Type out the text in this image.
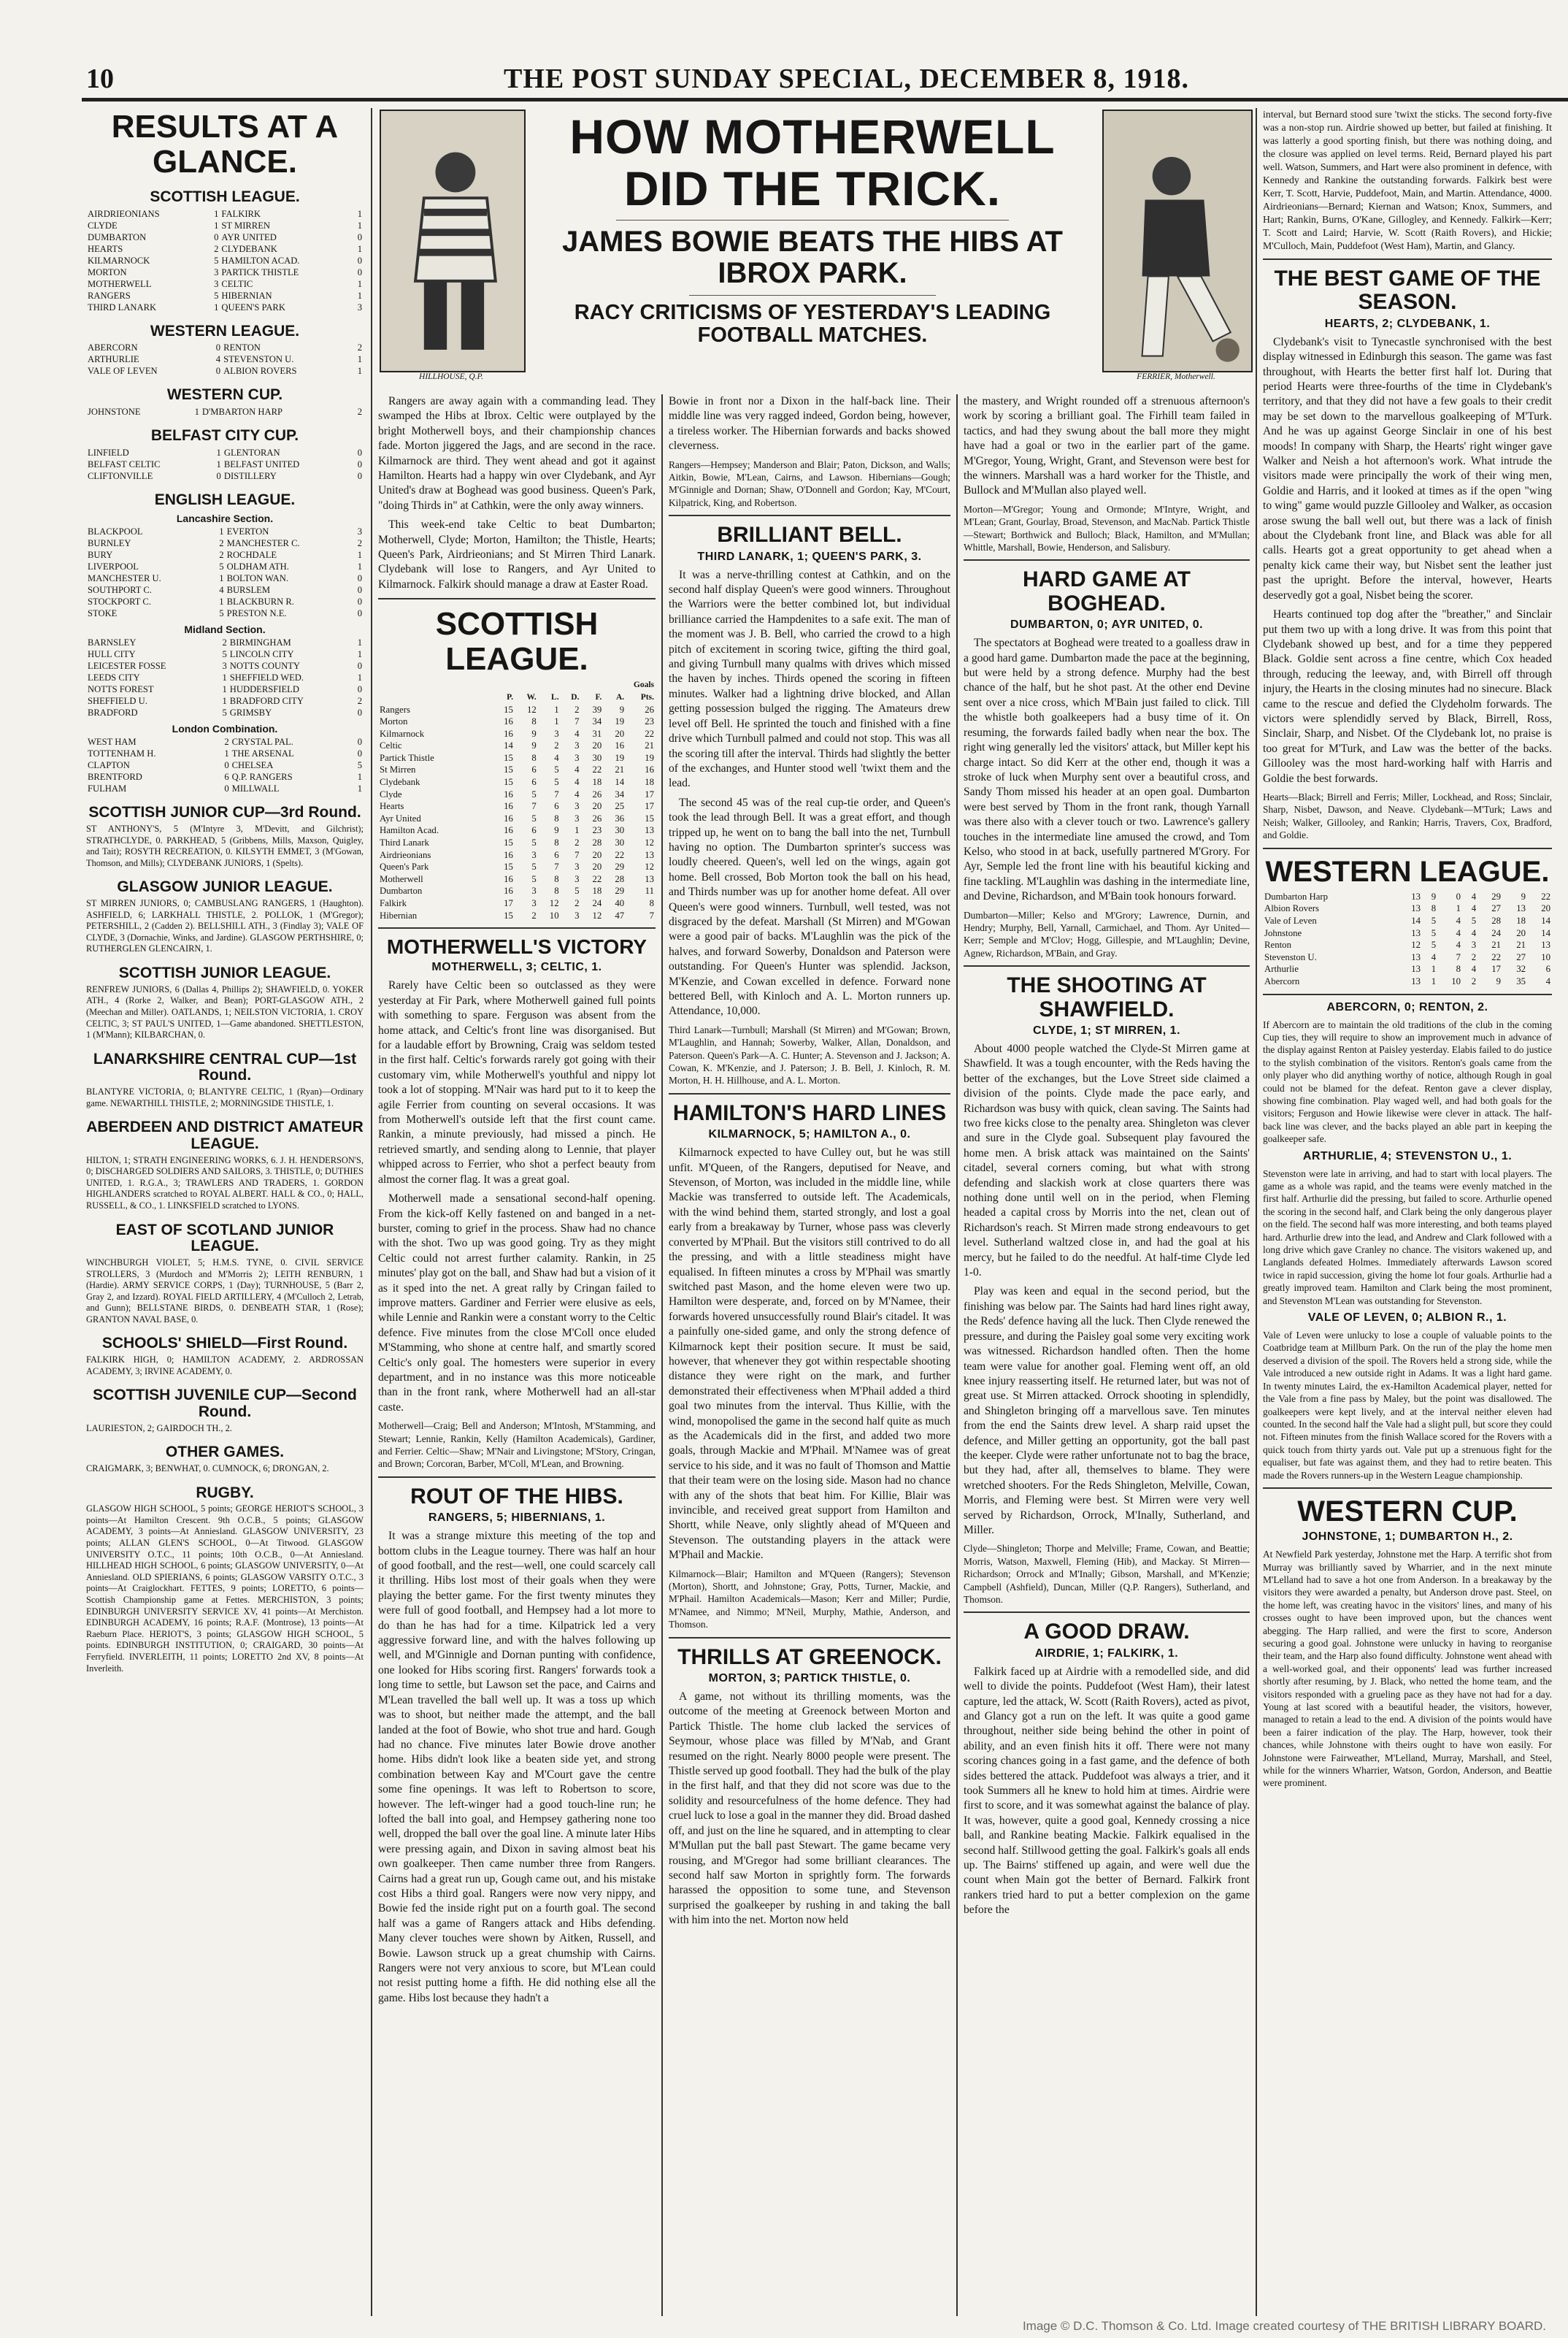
10	THE POST SUNDAY SPECIAL, DECEMBER 8, 1918.
RESULTS AT A GLANCE.
SCOTTISH LEAGUE.
AIRDRIEONIANS	1	FALKIRK	1
CLYDE	1	ST MIRREN	1
DUMBARTON	0	AYR UNITED	0
HEARTS	2	CLYDEBANK	1
KILMARNOCK	5	HAMILTON ACAD.	0
MORTON	3	PARTICK THISTLE	0
MOTHERWELL	3	CELTIC	1
RANGERS	5	HIBERNIAN	1
THIRD LANARK	1	QUEEN'S PARK	3
WESTERN LEAGUE.
ABERCORN	0	RENTON	2
ARTHURLIE	4	STEVENSTON U.	1
VALE OF LEVEN	0	ALBION ROVERS	1
WESTERN CUP.
JOHNSTONE	1	D'MBARTON HARP	2
BELFAST CITY CUP.
LINFIELD	1	GLENTORAN	0
BELFAST CELTIC	1	BELFAST UNITED	0
CLIFTONVILLE	0	DISTILLERY	0
ENGLISH LEAGUE.
Lancashire Section.
BLACKPOOL	1	EVERTON	3
BURNLEY	2	MANCHESTER C.	2
BURY	2	ROCHDALE	1
LIVERPOOL	5	OLDHAM ATH.	1
MANCHESTER U.	1	BOLTON WAN.	0
SOUTHPORT C.	4	BURSLEM	0
STOCKPORT C.	1	BLACKBURN R.	0
STOKE	5	PRESTON N.E.	0
Midland Section.
BARNSLEY	2	BIRMINGHAM	1
HULL CITY	5	LINCOLN CITY	1
LEICESTER FOSSE	3	NOTTS COUNTY	0
LEEDS CITY	1	SHEFFIELD WED.	1
NOTTS FOREST	1	HUDDERSFIELD	0
SHEFFIELD U.	1	BRADFORD CITY	2
BRADFORD	5	GRIMSBY	0
London Combination.
WEST HAM	2	CRYSTAL PAL.	0
TOTTENHAM H.	1	THE ARSENAL	0
CLAPTON	0	CHELSEA	5
BRENTFORD	6	Q.P. RANGERS	1
FULHAM	0	MILLWALL	1
SCOTTISH JUNIOR CUP—3rd Round.

ST ANTHONY'S, 5 (M'Intyre 3, M'Devitt, and Gilchrist); STRATHCLYDE, 0. PARKHEAD, 5 (Gribbens, Mills, Maxson, Quigley, and Tait); ROSYTH RECREATION, 0. KILSYTH EMMET, 3 (M'Gowan, Thomson, and Mills); CLYDEBANK JUNIORS, 1 (Spelts).

GLASGOW JUNIOR LEAGUE.

ST MIRREN JUNIORS, 0; CAMBUSLANG RANGERS, 1 (Haughton). ASHFIELD, 6; LARKHALL THISTLE, 2. POLLOK, 1 (M'Gregor); PETERSHILL, 2 (Cadden 2). BELLSHILL ATH., 3 (Findlay 3); VALE OF CLYDE, 3 (Dornachie, Winks, and Jardine). GLASGOW PERTHSHIRE, 0; RUTHERGLEN GLENCAIRN, 1.

SCOTTISH JUNIOR LEAGUE.

RENFREW JUNIORS, 6 (Dallas 4, Phillips 2); SHAWFIELD, 0. YOKER ATH., 4 (Rorke 2, Walker, and Bean); PORT-GLASGOW ATH., 2 (Meechan and Miller). OATLANDS, 1; NEILSTON VICTORIA, 1. CROY CELTIC, 3; ST PAUL'S UNITED, 1—Game abandoned. SHETTLESTON, 1 (M'Mann); KILBARCHAN, 0.

LANARKSHIRE CENTRAL CUP—1st Round.

BLANTYRE VICTORIA, 0; BLANTYRE CELTIC, 1 (Ryan)—Ordinary game. NEWARTHILL THISTLE, 2; MORNINGSIDE THISTLE, 1.

ABERDEEN AND DISTRICT AMATEUR LEAGUE.

HILTON, 1; STRATH ENGINEERING WORKS, 6. J. H. HENDERSON'S, 0; DISCHARGED SOLDIERS AND SAILORS, 3. THISTLE, 0; DUTHIES UNITED, 1. R.G.A., 3; TRAWLERS AND TRADERS, 1. GORDON HIGHLANDERS scratched to ROYAL ALBERT. HALL & CO., 0; HALL, RUSSELL, & CO., 1. LINKSFIELD scratched to LYONS.

EAST OF SCOTLAND JUNIOR LEAGUE.

WINCHBURGH VIOLET, 5; H.M.S. TYNE, 0. CIVIL SERVICE STROLLERS, 3 (Murdoch and M'Morris 2); LEITH RENBURN, 1 (Hardie). ARMY SERVICE CORPS, 1 (Day); TURNHOUSE, 5 (Barr 2, Gray 2, and Izzard). ROYAL FIELD ARTILLERY, 4 (M'Culloch 2, Letrab, and Gunn); BELLSTANE BIRDS, 0. DENBEATH STAR, 1 (Rose); GRANTON NAVAL BASE, 0.

SCHOOLS' SHIELD—First Round.

FALKIRK HIGH, 0; HAMILTON ACADEMY, 2. ARDROSSAN ACADEMY, 3; IRVINE ACADEMY, 0.

SCOTTISH JUVENILE CUP—Second Round.

LAURIESTON, 2; GAIRDOCH TH., 2.

OTHER GAMES.

CRAIGMARK, 3; BENWHAT, 0. CUMNOCK, 6; DRONGAN, 2.

RUGBY.

GLASGOW HIGH SCHOOL, 5 points; GEORGE HERIOT'S SCHOOL, 3 points—At Hamilton Crescent. 9th O.C.B., 5 points; GLASGOW ACADEMY, 3 points—At Anniesland. GLASGOW UNIVERSITY, 23 points; ALLAN GLEN'S SCHOOL, 0—At Titwood. GLASGOW UNIVERSITY O.T.C., 11 points; 10th O.C.B., 0—At Anniesland. HILLHEAD HIGH SCHOOL, 6 points; GLASGOW UNIVERSITY, 0—At Anniesland. OLD SPIERIANS, 6 points; GLASGOW VARSITY O.T.C., 3 points—At Craiglockhart. FETTES, 9 points; LORETTO, 6 points—Scottish Championship game at Fettes. MERCHISTON, 3 points; EDINBURGH UNIVERSITY SERVICE XV, 41 points—At Merchiston. EDINBURGH ACADEMY, 16 points; R.A.F. (Montrose), 13 points—At Raeburn Place. HERIOT'S, 3 points; GLASGOW HIGH SCHOOL, 5 points. EDINBURGH INSTITUTION, 0; CRAIGARD, 30 points—At Ferryfield. INVERLEITH, 11 points; LORETTO 2nd XV, 8 points—At Inverleith.

HILLHOUSE, Q.P.	FERRIER, Motherwell.
HOW MOTHERWELL DID THE TRICK.
JAMES BOWIE BEATS THE HIBS AT IBROX PARK.
RACY CRITICISMS OF YESTERDAY'S LEADING FOOTBALL MATCHES.

Rangers are away again with a commanding lead. They swamped the Hibs at Ibrox. Celtic were outplayed by the bright Motherwell boys, and their championship chances fade. Morton jiggered the Jags, and are second in the race. Kilmarnock are third. They went ahead and got it against Hamilton. Hearts had a happy win over Clydebank, and Ayr United's draw at Boghead was good business. Queen's Park, "doing Thirds in" at Cathkin, were the only away winners.

This week-end take Celtic to beat Dumbarton; Motherwell, Clyde; Morton, Hamilton; the Thistle, Hearts; Queen's Park, Airdrieonians; and St Mirren Third Lanark. Clydebank will lose to Rangers, and Ayr United to Kilmarnock. Falkirk should manage a draw at Easter Road.

SCOTTISH LEAGUE.
						Goals	
	P.	W.	L.	D.	F.	A.	Pts.
Rangers	15	12	1	2	39	9	26
Morton	16	8	1	7	34	19	23
Kilmarnock	16	9	3	4	31	20	22
Celtic	14	9	2	3	20	16	21
Partick Thistle	15	8	4	3	30	19	19
St Mirren	15	6	5	4	22	21	16
Clydebank	15	6	5	4	18	14	18
Clyde	16	5	7	4	26	34	17
Hearts	16	7	6	3	20	25	17
Ayr United	16	5	8	3	26	36	15
Hamilton Acad.	16	6	9	1	23	30	13
Third Lanark	15	5	8	2	28	30	12
Airdrieonians	16	3	6	7	20	22	13
Queen's Park	15	5	7	3	20	29	12
Motherwell	16	5	8	3	22	28	13
Dumbarton	16	3	8	5	18	29	11
Falkirk	17	3	12	2	24	40	8
Hibernian	15	2	10	3	12	47	7
MOTHERWELL'S VICTORY
MOTHERWELL, 3; CELTIC, 1.

Rarely have Celtic been so outclassed as they were yesterday at Fir Park, where Motherwell gained full points with something to spare. Ferguson was absent from the home attack, and Celtic's front line was disorganised. But for a laudable effort by Browning, Craig was seldom tested in the first half. Celtic's forwards rarely got going with their customary vim, while Motherwell's youthful and nippy lot took a lot of stopping. M'Nair was hard put to it to keep the agile Ferrier from counting on several occasions. It was from Motherwell's outside left that the first count came. Rankin, a minute previously, had missed a pinch. He retrieved smartly, and sending along to Lennie, that player whipped across to Ferrier, who shot a perfect beauty from almost the corner flag. It was a great goal.

Motherwell made a sensational second-half opening. From the kick-off Kelly fastened on and banged in a net-burster, coming to grief in the process. Shaw had no chance with the shot. Two up was good going. Try as they might Celtic could not arrest further calamity. Rankin, in 25 minutes' play got on the ball, and Shaw had but a vision of it as it sped into the net. A great rally by Cringan failed to improve matters. Gardiner and Ferrier were elusive as eels, while Lennie and Rankin were a constant worry to the Celtic defence. Five minutes from the close M'Coll once eluded M'Stamming, who shone at centre half, and smartly scored Celtic's only goal. The homesters were superior in every department, and in no instance was this more noticeable than in the front rank, where Motherwell had an all-star caste.

Motherwell—Craig; Bell and Anderson; M'Intosh, M'Stamming, and Stewart; Lennie, Rankin, Kelly (Hamilton Academicals), Gardiner, and Ferrier. Celtic—Shaw; M'Nair and Livingstone; M'Story, Cringan, and Brown; Corcoran, Barber, M'Coll, M'Lean, and Browning.

ROUT OF THE HIBS.
RANGERS, 5; HIBERNIANS, 1.

It was a strange mixture this meeting of the top and bottom clubs in the League tourney. There was half an hour of good football, and the rest—well, one could scarcely call it thrilling. Hibs lost most of their goals when they were playing the better game. For the first twenty minutes they were full of good football, and Hempsey had a lot more to do than he has had for a time. Kilpatrick led a very aggressive forward line, and with the halves following up well, and M'Ginnigle and Dornan punting with confidence, one looked for Hibs scoring first. Rangers' forwards took a long time to settle, but Lawson set the pace, and Cairns and M'Lean travelled the ball well up. It was a toss up which was to shoot, but neither made the attempt, and the ball landed at the foot of Bowie, who shot true and hard. Gough had no chance. Five minutes later Bowie drove another home. Hibs didn't look like a beaten side yet, and strong combination between Kay and M'Court gave the centre some fine openings. It was left to Robertson to score, however. The left-winger had a good touch-line run; he lofted the ball into goal, and Hempsey gathering none too well, dropped the ball over the goal line. A minute later Hibs were pressing again, and Dixon in saving almost beat his own goalkeeper. Then came number three from Rangers. Cairns had a great run up, Gough came out, and his mistake cost Hibs a third goal. Rangers were now very nippy, and Bowie fed the inside right put on a fourth goal. The second half was a game of Rangers attack and Hibs defending. Many clever touches were shown by Aitken, Russell, and Bowie. Lawson struck up a great chumship with Cairns. Rangers were not very anxious to score, but M'Lean could not resist putting home a fifth. He did nothing else all the game. Hibs lost because they hadn't a

Bowie in front nor a Dixon in the half-back line. Their middle line was very ragged indeed, Gordon being, however, a tireless worker. The Hibernian forwards and backs showed cleverness.

Rangers—Hempsey; Manderson and Blair; Paton, Dickson, and Walls; Aitkin, Bowie, M'Lean, Cairns, and Lawson. Hibernians—Gough; M'Ginnigle and Dornan; Shaw, O'Donnell and Gordon; Kay, M'Court, Kilpatrick, King, and Robertson.

BRILLIANT BELL.
THIRD LANARK, 1; QUEEN'S PARK, 3.

It was a nerve-thrilling contest at Cathkin, and on the second half display Queen's were good winners. Throughout the Warriors were the better combined lot, but individual brilliance carried the Hampdenites to a safe exit. The man of the moment was J. B. Bell, who carried the crowd to a high pitch of excitement in scoring twice, gifting the third goal, and giving Turnbull many qualms with drives which missed the haven by inches. Thirds opened the scoring in fifteen minutes. Walker had a lightning drive blocked, and Allan getting possession bulged the rigging. The Amateurs drew level off Bell. He sprinted the touch and finished with a fine drive which Turnbull palmed and could not stop. This was all the scoring till after the interval. Thirds had slightly the better of the exchanges, and Hunter stood well 'twixt them and the lead.

The second 45 was of the real cup-tie order, and Queen's took the lead through Bell. It was a great effort, and though tripped up, he went on to bang the ball into the net, Turnbull having no option. The Dumbarton sprinter's success was loudly cheered. Queen's, well led on the wings, again got home. Bell crossed, Bob Morton took the ball on his head, and Thirds number was up for another home defeat. All over Queen's were good winners. Turnbull, well tested, was not disgraced by the defeat. Marshall (St Mirren) and M'Gowan were a good pair of backs. M'Laughlin was the pick of the halves, and forward Sowerby, Donaldson and Paterson were outstanding. For Queen's Hunter was splendid. Jackson, M'Kenzie, and Cowan excelled in defence. Forward none bettered Bell, with Kinloch and A. L. Morton runners up. Attendance, 10,000.

Third Lanark—Turnbull; Marshall (St Mirren) and M'Gowan; Brown, M'Laughlin, and Hannah; Sowerby, Walker, Allan, Donaldson, and Paterson. Queen's Park—A. C. Hunter; A. Stevenson and J. Jackson; A. Cowan, K. M'Kenzie, and J. Paterson; J. B. Bell, J. Kinloch, R. M. Morton, H. H. Hillhouse, and A. L. Morton.

HAMILTON'S HARD LINES
KILMARNOCK, 5; HAMILTON A., 0.

Kilmarnock expected to have Culley out, but he was still unfit. M'Queen, of the Rangers, deputised for Neave, and Stevenson, of Morton, was included in the middle line, while Mackie was transferred to outside left. The Academicals, with the wind behind them, started strongly, and lost a goal early from a breakaway by Turner, whose pass was cleverly converted by M'Phail. But the visitors still contrived to do all the pressing, and with a little steadiness might have equalised. In fifteen minutes a cross by M'Phail was smartly switched past Mason, and the home eleven were two up. Hamilton were desperate, and, forced on by M'Namee, their forwards hovered unsuccessfully round Blair's citadel. It was a painfully one-sided game, and only the strong defence of Kilmarnock kept their position secure. It must be said, however, that whenever they got within respectable shooting distance they were right on the mark, and further demonstrated their effectiveness when M'Phail added a third goal two minutes from the interval. Thus Killie, with the wind, monopolised the game in the second half quite as much as the Academicals did in the first, and added two more goals, through Mackie and M'Phail. M'Namee was of great service to his side, and it was no fault of Thomson and Mattie that their team were on the losing side. Mason had no chance with any of the shots that beat him. For Killie, Blair was invincible, and received great support from Hamilton and Shortt, while Neave, only slightly ahead of M'Queen and Stevenson. The outstanding players in the attack were M'Phail and Mackie.

Kilmarnock—Blair; Hamilton and M'Queen (Rangers); Stevenson (Morton), Shortt, and Johnstone; Gray, Potts, Turner, Mackie, and M'Phail. Hamilton Academicals—Mason; Kerr and Miller; Purdie, M'Namee, and Nimmo; M'Neil, Murphy, Mathie, Anderson, and Thomson.

THRILLS AT GREENOCK.
MORTON, 3; PARTICK THISTLE, 0.

A game, not without its thrilling moments, was the outcome of the meeting at Greenock between Morton and Partick Thistle. The home club lacked the services of Seymour, whose place was filled by M'Nab, and Grant resumed on the right. Nearly 8000 people were present. The Thistle served up good football. They had the bulk of the play in the first half, and that they did not score was due to the solidity and resourcefulness of the home defence. They had cruel luck to lose a goal in the manner they did. Broad dashed off, and just on the line he squared, and in attempting to clear M'Mullan put the ball past Stewart. The game became very rousing, and M'Gregor had some brilliant clearances. The second half saw Morton in sprightly form. The forwards harassed the opposition to some tune, and Stevenson surprised the goalkeeper by rushing in and taking the ball with him into the net. Morton now held

the mastery, and Wright rounded off a strenuous afternoon's work by scoring a brilliant goal. The Firhill team failed in tactics, and had they swung about the ball more they might have had a goal or two in the earlier part of the game. M'Gregor, Young, Wright, Grant, and Stevenson were best for the winners. Marshall was a hard worker for the Thistle, and Bullock and M'Mullan also played well.

Morton—M'Gregor; Young and Ormonde; M'Intyre, Wright, and M'Lean; Grant, Gourlay, Broad, Stevenson, and MacNab. Partick Thistle—Stewart; Borthwick and Bulloch; Black, Hamilton, and M'Mullan; Whittle, Marshall, Bowie, Henderson, and Salisbury.

HARD GAME AT BOGHEAD.
DUMBARTON, 0; AYR UNITED, 0.

The spectators at Boghead were treated to a goalless draw in a good hard game. Dumbarton made the pace at the beginning, but were held by a strong defence. Murphy had the best chance of the half, but he shot past. At the other end Devine sent over a nice cross, which M'Bain just failed to click. Till the whistle both goalkeepers had a busy time of it. On resuming, the forwards failed badly when near the box. The right wing generally led the visitors' attack, but Miller kept his charge intact. So did Kerr at the other end, though it was a stroke of luck when Murphy sent over a beautiful cross, and Sandy Thom missed his header at an open goal. Dumbarton were best served by Thom in the front rank, though Yarnall was there also with a clever touch or two. Lawrence's gallery touches in the intermediate line amused the crowd, and Tom Kelso, who stood in at back, usefully partnered M'Grory. For Ayr, Semple led the front line with his beautiful kicking and fine tackling. M'Laughlin was dashing in the intermediate line, and Devine, Richardson, and M'Bain took honours forward.

Dumbarton—Miller; Kelso and M'Grory; Lawrence, Durnin, and Hendry; Murphy, Bell, Yarnall, Carmichael, and Thom. Ayr United—Kerr; Semple and M'Clov; Hogg, Gillespie, and M'Laughlin; Devine, Agnew, Richardson, M'Bain, and Gray.

THE SHOOTING AT SHAWFIELD.
CLYDE, 1; ST MIRREN, 1.

About 4000 people watched the Clyde-St Mirren game at Shawfield. It was a tough encounter, with the Reds having the better of the exchanges, but the Love Street side claimed a division of the points. Clyde made the pace early, and Richardson was busy with quick, clean saving. The Saints had two free kicks close to the penalty area. Shingleton was clever and sure in the Clyde goal. Subsequent play favoured the home men. A brisk attack was maintained on the Saints' citadel, several corners coming, but what with strong defending and slackish work at close quarters there was nothing done until well on in the period, when Fleming headed a capital cross by Morris into the net, clean out of Richardson's reach. St Mirren made strong endeavours to get level. Sutherland waltzed close in, and had the goal at his mercy, but he failed to do the needful. At half-time Clyde led 1-0.

Play was keen and equal in the second period, but the finishing was below par. The Saints had hard lines right away, the Reds' defence having all the luck. Then Clyde renewed the pressure, and during the Paisley goal some very exciting work was witnessed. Richardson handled often. Then the home team were value for another goal. Fleming went off, an old knee injury reasserting itself. He returned later, but was not of great use. St Mirren attacked. Orrock shooting in splendidly, and Shingleton bringing off a marvellous save. Ten minutes from the end the Saints drew level. A sharp raid upset the defence, and Miller getting an opportunity, got the ball past the keeper. Clyde were rather unfortunate not to bag the brace, but they had, after all, themselves to blame. They were wretched shooters. For the Reds Shingleton, Melville, Cowan, Morris, and Fleming were best. St Mirren were very well served by Richardson, Orrock, M'Inally, Sutherland, and Miller.

Clyde—Shingleton; Thorpe and Melville; Frame, Cowan, and Beattie; Morris, Watson, Maxwell, Fleming (Hib), and Mackay. St Mirren—Richardson; Orrock and M'Inally; Gibson, Marshall, and M'Kenzie; Campbell (Ashfield), Duncan, Miller (Q.P. Rangers), Sutherland, and Thomson.

A GOOD DRAW.
AIRDRIE, 1; FALKIRK, 1.

Falkirk faced up at Airdrie with a remodelled side, and did well to divide the points. Puddefoot (West Ham), their latest capture, led the attack, W. Scott (Raith Rovers), acted as pivot, and Glancy got a run on the left. It was quite a good game throughout, neither side being behind the other in point of ability, and an even finish hits it off. There were not many scoring chances going in a fast game, and the defence of both sides bettered the attack. Puddefoot was always a trier, and it took Summers all he knew to hold him at times. Airdrie were first to score, and it was somewhat against the balance of play. It was, however, quite a good goal, Kennedy crossing a nice ball, and Rankine beating Mackie. Falkirk equalised in the second half. Stillwood getting the goal. Falkirk's goals all ends up. The Bairns' stiffened up again, and were well due the count when Main got the better of Bernard. Falkirk front rankers tried hard to put a better complexion on the game before the

interval, but Bernard stood sure 'twixt the sticks. The second forty-five was a non-stop run. Airdrie showed up better, but failed at finishing. It was latterly a good sporting finish, but there was nothing doing, and the closure was applied on level terms. Reid, Bernard played his part well. Watson, Summers, and Hart were also prominent in defence, with Kennedy and Rankine the outstanding forwards. Falkirk best were Kerr, T. Scott, Harvie, Puddefoot, Main, and Martin. Attendance, 4000. Airdrieonians—Bernard; Kiernan and Watson; Knox, Summers, and Hart; Rankin, Burns, O'Kane, Gillogley, and Kennedy. Falkirk—Kerr; T. Scott and Laird; Harvie, W. Scott (Raith Rovers), and Hickie; M'Culloch, Main, Puddefoot (West Ham), Martin, and Glancy.

THE BEST GAME OF THE SEASON.
HEARTS, 2; CLYDEBANK, 1.

Clydebank's visit to Tynecastle synchronised with the best display witnessed in Edinburgh this season. The game was fast throughout, with Hearts the better first half lot. During that period Hearts were three-fourths of the time in Clydebank's territory, and that they did not have a few goals to their credit may be set down to the marvellous goalkeeping of M'Turk. And he was up against George Sinclair in one of his best moods! In company with Sharp, the Hearts' right winger gave Walker and Neish a hot afternoon's work. What intrude the visitors made were principally the work of their wing men, Goldie and Harris, and it looked at times as if the open "wing to wing" game would puzzle Gillooley and Walker, as occasion arose swung the ball well out, but there was a lack of finish about the Clydebank front line, and Black was able for all calls. Hearts got a great opportunity to get ahead when a penalty kick came their way, but Nisbet sent the leather just past the upright. Before the interval, however, Hearts deservedly got a goal, Nisbet being the scorer.

Hearts continued top dog after the "breather," and Sinclair put them two up with a long drive. It was from this point that Clydebank showed up best, and for a time they peppered Black. Goldie sent across a fine centre, which Cox headed through, reducing the leeway, and, with Birrell off through injury, the Hearts in the closing minutes had no sinecure. Black came to the rescue and defied the Clydeholm forwards. The victors were splendidly served by Black, Birrell, Ross, Sinclair, Sharp, and Nisbet. Of the Clydebank lot, no praise is too great for M'Turk, and Law was the better of the backs. Gillooley was the most hard-working half with Harris and Goldie the best forwards.

Hearts—Black; Birrell and Ferris; Miller, Lockhead, and Ross; Sinclair, Sharp, Nisbet, Dawson, and Neave. Clydebank—M'Turk; Laws and Neish; Walker, Gillooley, and Rankin; Harris, Travers, Cox, Bradford, and Goldie.

WESTERN LEAGUE.
Dumbarton Harp	13	9	0	4	29	9	22
Albion Rovers	13	8	1	4	27	13	20
Vale of Leven	14	5	4	5	28	18	14
Johnstone	13	5	4	4	24	20	14
Renton	12	5	4	3	21	21	13
Stevenston U.	13	4	7	2	22	27	10
Arthurlie	13	1	8	4	17	32	6
Abercorn	13	1	10	2	9	35	4
ABERCORN, 0; RENTON, 2.

If Abercorn are to maintain the old traditions of the club in the coming Cup ties, they will require to show an improvement much in advance of the display against Renton at Paisley yesterday. Elabis failed to do justice to the stylish combination of the visitors. Renton's goals came from the only player who did anything worthy of notice, although Rough in goal could not be blamed for the defeat. Renton gave a clever display, showing fine combination. Play waged well, and had both goals for the visitors; Ferguson and Howie likewise were clever in attack. The half-back line was clever, and the backs played an able part in keeping the goalkeeper safe.

ARTHURLIE, 4; STEVENSTON U., 1.

Stevenston were late in arriving, and had to start with local players. The game as a whole was rapid, and the teams were evenly matched in the first half. Arthurlie did the pressing, but failed to score. Arthurlie opened the scoring in the second half, and Clark being the only dangerous player on the field. The second half was more interesting, and both teams played hard. Arthurlie drew into the lead, and Andrew and Clark followed with a long drive which gave Cranley no chance. The visitors wakened up, and Langlands defeated Holmes. Immediately afterwards Lawson scored twice in rapid succession, giving the home lot four goals. Arthurlie had a greatly improved team. Hamilton and Clark being the most prominent, and Stevenston M'Lean was outstanding for Stevenston.

VALE OF LEVEN, 0; ALBION R., 1.

Vale of Leven were unlucky to lose a couple of valuable points to the Coatbridge team at Millburn Park. On the run of the play the home men deserved a division of the spoil. The Rovers held a strong side, while the Vale introduced a new outside right in Adams. It was a light hard game. In twenty minutes Laird, the ex-Hamilton Academical player, netted for the Vale from a fine pass by Maley, but the point was disallowed. The goalkeepers were kept lively, and at the interval neither eleven had counted. In the second half the Vale had a slight pull, but score they could not. Fifteen minutes from the finish Wallace scored for the Rovers with a quick touch from thirty yards out. Vale put up a strenuous fight for the equaliser, but fate was against them, and they had to retire beaten. This made the Rovers runners-up in the Western League championship.

WESTERN CUP.
JOHNSTONE, 1; DUMBARTON H., 2.

At Newfield Park yesterday, Johnstone met the Harp. A terrific shot from Murray was brilliantly saved by Wharrier, and in the next minute M'Lelland had to save a hot one from Anderson. In a breakaway by the visitors they were awarded a penalty, but Anderson drove past. Steel, on the home left, was creating havoc in the visitors' lines, and many of his crosses ought to have been improved upon, but the chances went abegging. The Harp rallied, and were the first to score, Anderson securing a good goal. Johnstone were unlucky in having to reorganise their team, and the Harp also found difficulty. Johnstone went ahead with a well-worked goal, and their opponents' lead was further increased shortly after resuming, by J. Black, who netted the home team, and the visitors responded with a grueling pace as they have not had for a day. Young at last scored with a beautiful header, the visitors, however, managed to retain a lead to the end. A division of the points would have been a fairer indication of the play. The Harp, however, took their chances, while Johnstone with theirs ought to have won easily. For Johnstone were Fairweather, M'Lelland, Murray, Marshall, and Steel, while for the winners Wharrier, Watson, Gordon, Anderson, and Beattie were prominent.

Image © D.C. Thomson & Co. Ltd. Image created courtesy of THE BRITISH LIBRARY BOARD.
